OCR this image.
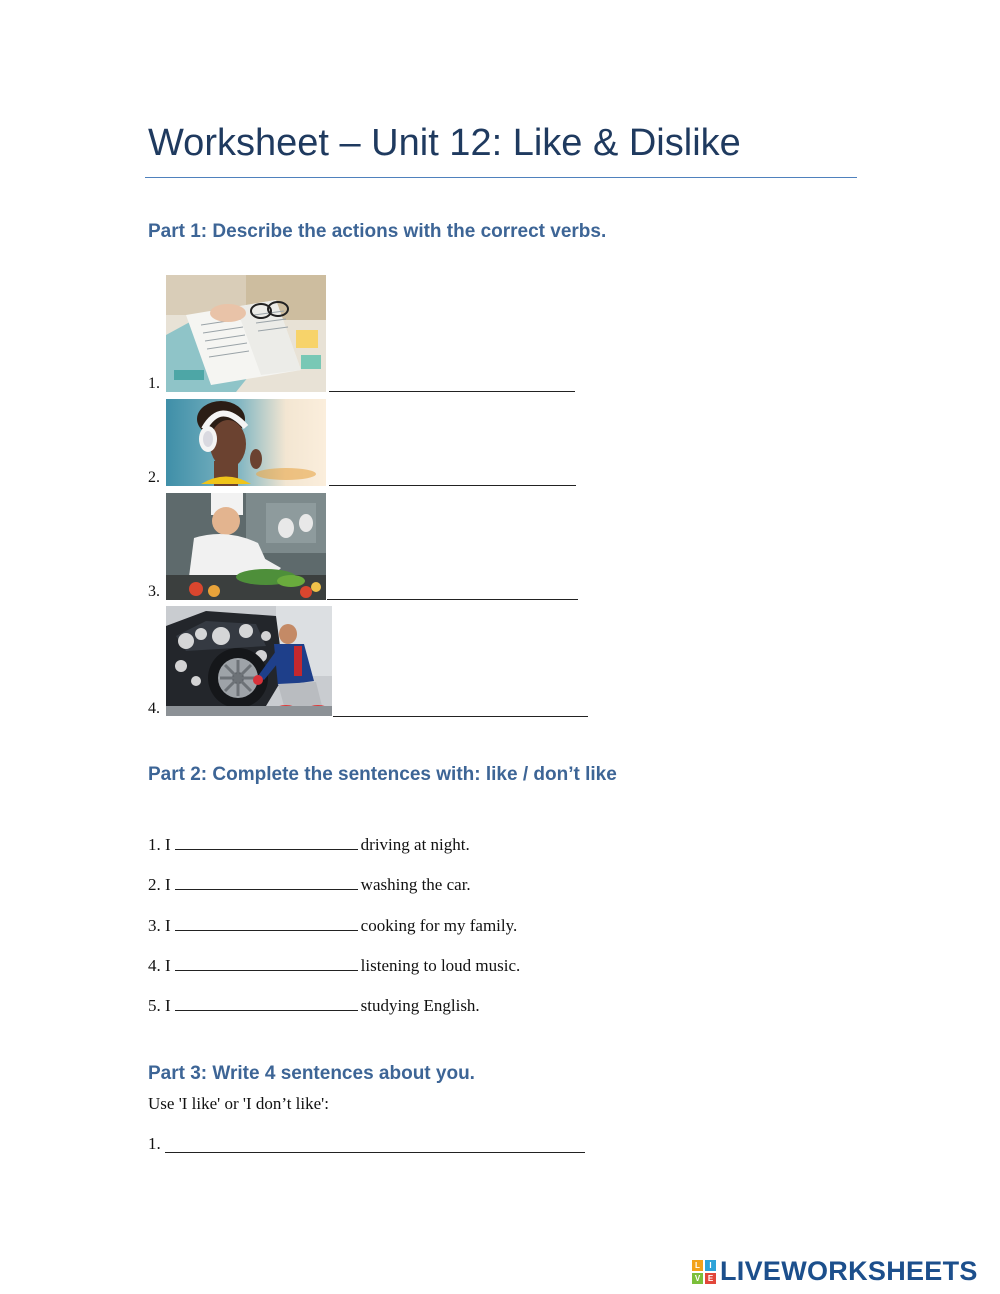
Worksheet – Unit 12: Like & Dislike
Part 1: Describe the actions with the correct verbs.
1.
2.
3.
4.
Part 2: Complete the sentences with: like / don’t like
1. I	driving at night.
2. I	washing the car.
3. I	cooking for my family.
4. I	listening to loud music.
5. I	studying English.
Part 3: Write 4 sentences about you.
Use 'I like' or 'I don’t like':
1.
L	I
V E LIVEWORKSHEETS
